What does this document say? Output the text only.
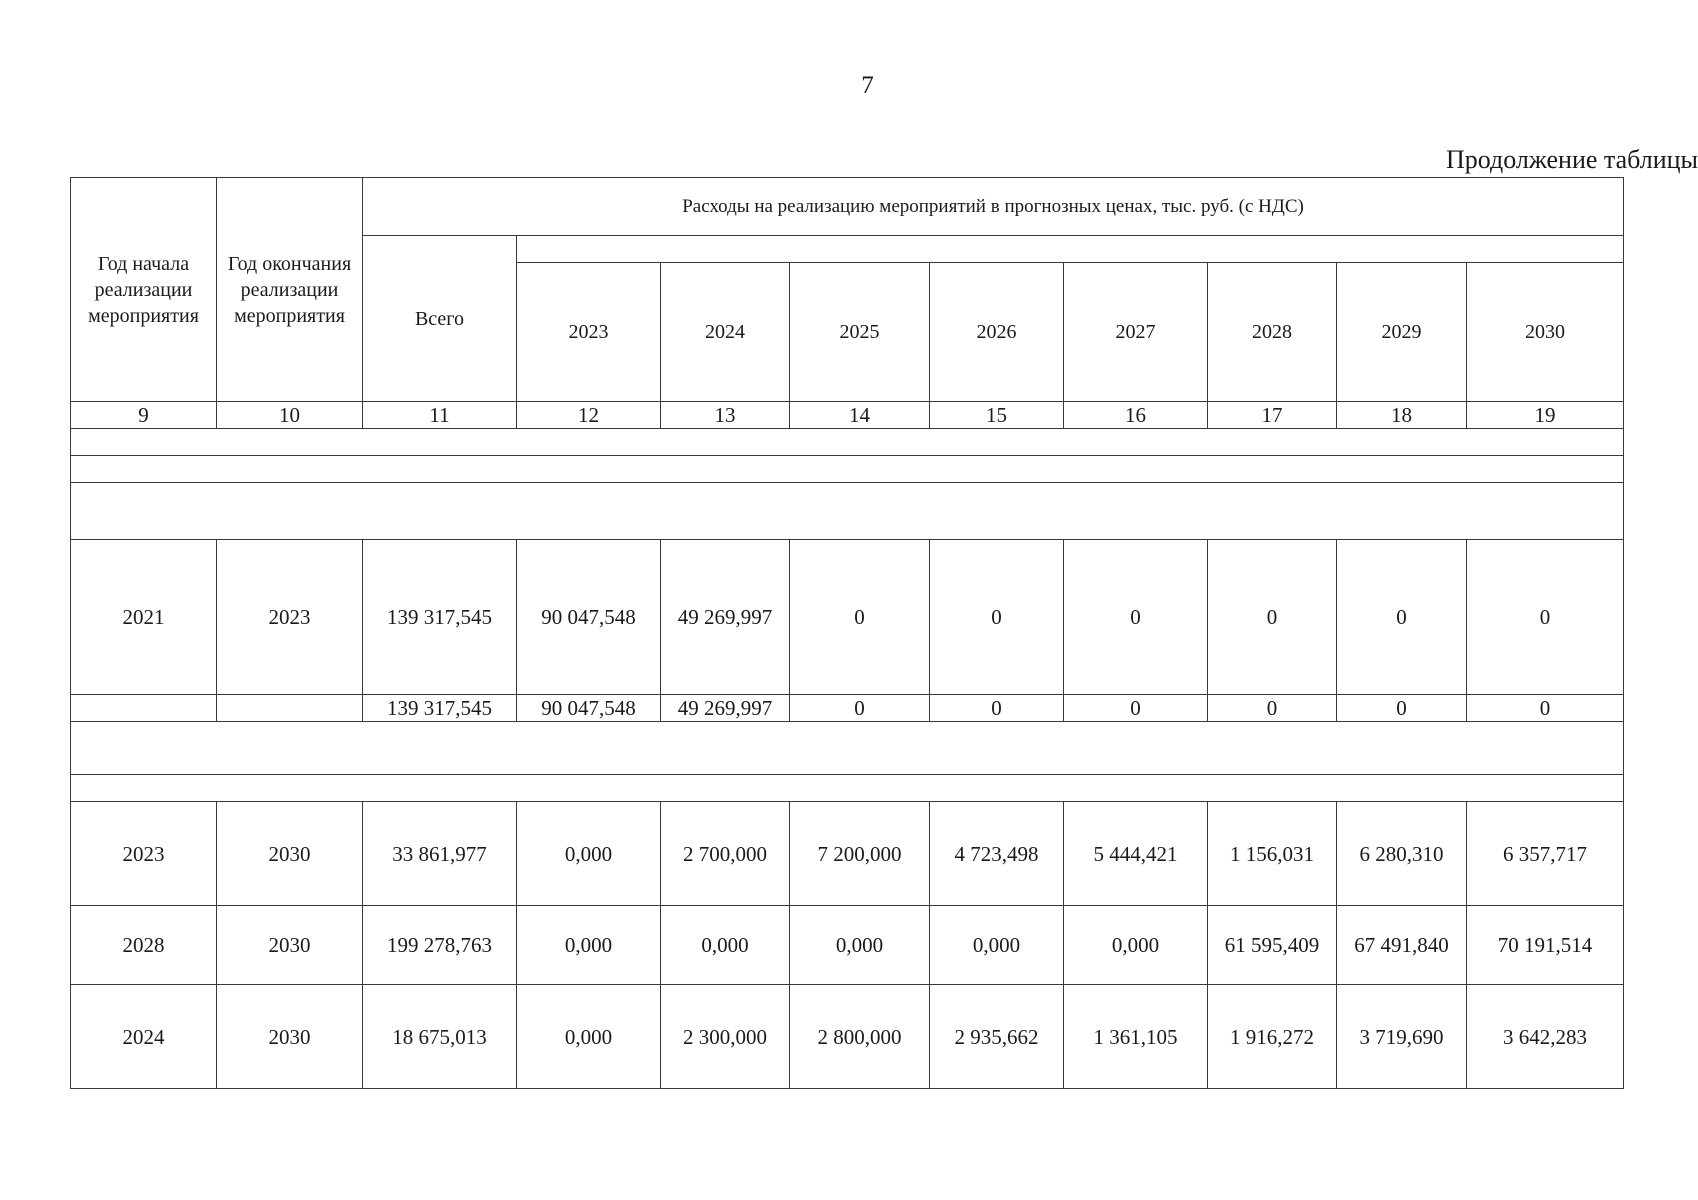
7
Продолжение таблицы
Год начала реализации мероприятия	Год окончания реализации мероприятия	Расходы на реализацию мероприятий в прогнозных ценах, тыс. руб. (с НДС)								
		Всего								
			2023	2024	2025	2026	2027	2028	2029	2030
9	10	11	12	13	14	15	16	17	18	19

2021	2023	139 317,545	90 047,548	49 269,997	0	0	0	0	0	0
		139 317,545	90 047,548	49 269,997	0	0	0	0	0	0

2023	2030	33 861,977	0,000	2 700,000	7 200,000	4 723,498	5 444,421	1 156,031	6 280,310	6 357,717
2028	2030	199 278,763	0,000	0,000	0,000	0,000	0,000	61 595,409	67 491,840	70 191,514
2024	2030	18 675,013	0,000	2 300,000	2 800,000	2 935,662	1 361,105	1 916,272	3 719,690	3 642,283
